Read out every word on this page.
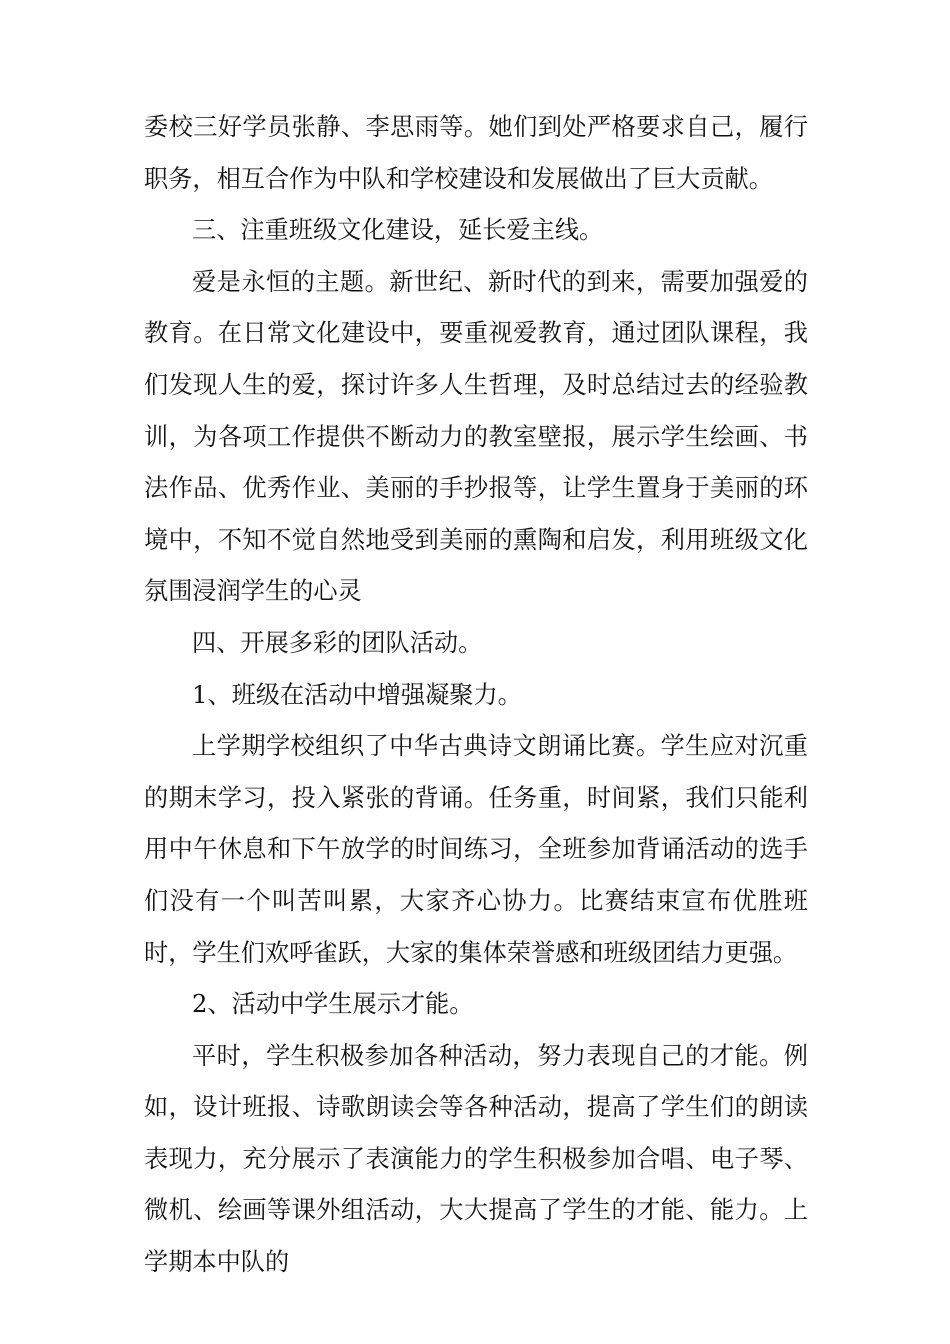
委校三好学员张静、李思雨等。她们到处严格要求自己，履行职务，相互合作为中队和学校建设和发展做出了巨大贡献。

三、注重班级文化建设，延长爱主线。

爱是永恒的主题。新世纪、新时代的到来，需要加强爱的教育。在日常文化建设中，要重视爱教育，通过团队课程，我们发现人生的爱，探讨许多人生哲理，及时总结过去的经验教训，为各项工作提供不断动力的教室壁报，展示学生绘画、书法作品、优秀作业、美丽的手抄报等，让学生置身于美丽的环境中，不知不觉自然地受到美丽的熏陶和启发，利用班级文化氛围浸润学生的心灵

四、开展多彩的团队活动。

1、班级在活动中增强凝聚力。

上学期学校组织了中华古典诗文朗诵比赛。学生应对沉重的期末学习，投入紧张的背诵。任务重，时间紧，我们只能利用中午休息和下午放学的时间练习，全班参加背诵活动的选手们没有一个叫苦叫累，大家齐心协力。比赛结束宣布优胜班时，学生们欢呼雀跃，大家的集体荣誉感和班级团结力更强。

2、活动中学生展示才能。

平时，学生积极参加各种活动，努力表现自己的才能。例如，设计班报、诗歌朗读会等各种活动，提高了学生们的朗读表现力，充分展示了表演能力的学生积极参加合唱、电子琴、微机、绘画等课外组活动，大大提高了学生的才能、能力。上学期本中队的
